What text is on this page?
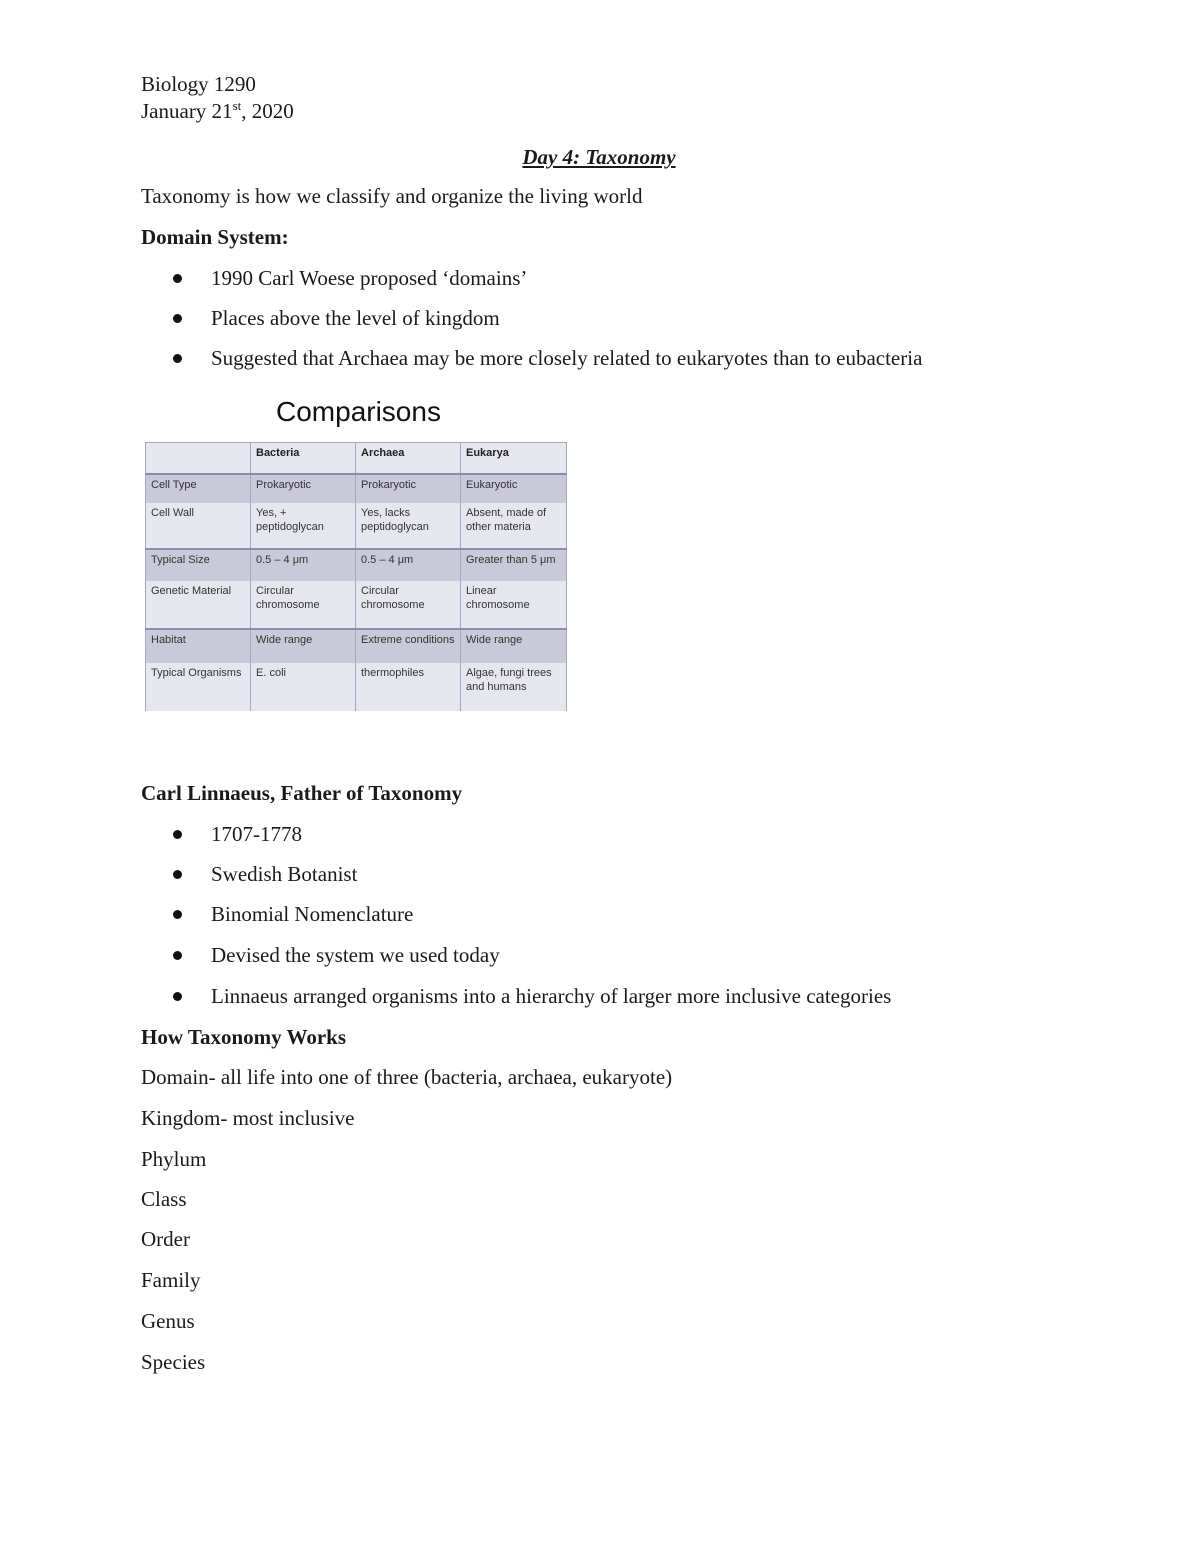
Biology 1290
January 21st, 2020
Day 4: Taxonomy
Taxonomy is how we classify and organize the living world
Domain System:
1990 Carl Woese proposed ‘domains’
Places above the level of kingdom
Suggested that Archaea may be more closely related to eukaryotes than to eubacteria
Comparisons
	Bacteria	Archaea	Eukarya
Cell Type	Prokaryotic	Prokaryotic	Eukaryotic
Cell Wall	Yes, + peptidoglycan	Yes, lacks peptidoglycan	Absent, made of other materia
Typical Size	0.5 – 4 μm	0.5 – 4 μm	Greater than 5 μm
Genetic Material	Circular chromosome	Circular chromosome	Linear chromosome
Habitat	Wide range	Extreme conditions	Wide range
Typical Organisms	E. coli	thermophiles	Algae, fungi trees and humans
Carl Linnaeus, Father of Taxonomy
1707-1778
Swedish Botanist
Binomial Nomenclature
Devised the system we used today
Linnaeus arranged organisms into a hierarchy of larger more inclusive categories
How Taxonomy Works
Domain- all life into one of three (bacteria, archaea, eukaryote)
Kingdom- most inclusive
Phylum
Class
Order
Family
Genus
Species
